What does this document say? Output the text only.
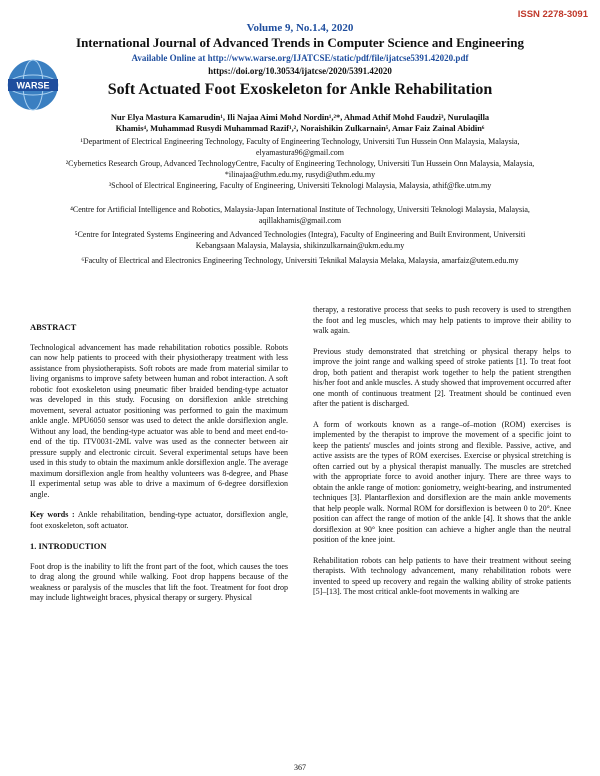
ISSN 2278-3091
WARSE
Volume 9, No.1.4, 2020
International Journal of Advanced Trends in Computer Science and Engineering
Available Online at http://www.warse.org/IJATCSE/static/pdf/file/ijatcse5391.42020.pdf
https://doi.org/10.30534/ijatcse/2020/5391.42020
Soft Actuated Foot Exoskeleton for Ankle Rehabilitation
Nur Elya Mastura Kamarudin¹, Ili Najaa Aimi Mohd Nordin¹,²*, Ahmad Athif Mohd Faudzi³, Nurulaqilla
Khamis⁴, Muhammad Rusydi Muhammad Razif¹,², Noraishikin Zulkarnain⁵, Amar Faiz Zainal Abidin⁶
¹Department of Electrical Engineering Technology, Faculty of Engineering Technology, Universiti Tun Hussein Onn Malaysia, Malaysia, elyamastura96@gmail.com
²Cybernetics Research Group, Advanced TechnologyCentre, Faculty of Engineering Technology, Universiti Tun Hussein Onn Malaysia, Malaysia, *ilinajaa@uthm.edu.my, rusydi@uthm.edu.my
³School of Electrical Engineering, Faculty of Engineering, Universiti Teknologi Malaysia, Malaysia, athif@fke.utm.my
⁴Centre for Artificial Intelligence and Robotics, Malaysia-Japan International Institute of Technology, Universiti Teknologi Malaysia, Malaysia, aqillakhamis@gmail.com
⁵Centre for Integrated Systems Engineering and Advanced Technologies (Integra), Faculty of Engineering and Built Environment, Universiti Kebangsaan Malaysia, Malaysia, shikinzulkarnain@ukm.edu.my
⁶Faculty of Electrical and Electronics Engineering Technology, Universiti Teknikal Malaysia Melaka, Malaysia, amarfaiz@utem.edu.my
ABSTRACT

Technological advancement has made rehabilitation robotics possible. Robots can now help patients to proceed with their physiotherapy treatment with less assistance from physiotherapists. Soft robots are made from material similar to living organisms to improve safety between human and robot interaction. A soft robotic foot exoskeleton using pneumatic fiber braided bending-type actuator was developed in this study. Focusing on dorsiflexion ankle stretching movement, several actuator positioning was performed to gain the maximum ankle angle. MPU6050 sensor was used to detect the ankle dorsiflexion angle. Without any load, the bending-type actuator was able to bend and meet end-to-end of the tip. ITV0031-2ML valve was used as the connecter between air pressure supply and electronic circuit. Several experimental setups have been used in this study to obtain the maximum ankle dorsiflexion angle. The average maximum dorsiflexion angle from healthy volunteers was 8-degree, and Phase II experimental setup was able to drive a maximum of 6-degree dorsiflexion angle.

Key words : Ankle rehabilitation, bending-type actuator, dorsiflexion angle, foot exoskeleton, soft actuator.

1. INTRODUCTION

Foot drop is the inability to lift the front part of the foot, which causes the toes to drag along the ground while walking. Foot drop happens because of the weakness or paralysis of the muscles that lift the foot. Treatment for foot drop may include lightweight braces, physical therapy or surgery. Physical

therapy, a restorative process that seeks to push recovery is used to strengthen the foot and leg muscles, which may help patients to improve their ability to walk again.

Previous study demonstrated that stretching or physical therapy helps to improve the joint range and walking speed of stroke patients [1]. To treat foot drop, both patient and therapist work together to help the patient strengthen his/her foot and ankle muscles. A study showed that improvement occurred after one month of continuous treatment [2]. Treatment should be continued even after the patient is discharged.

A form of workouts known as a range–of–motion (ROM) exercises is implemented by the therapist to improve the movement of a specific joint to keep the patients' muscles and joints strong and flexible. Passive, active, and active assists are the types of ROM exercises. Exercise or physical stretching is often carried out by a physical therapist manually. The muscles are stretched with the appropriate force to avoid another injury. There are three ways to obtain the ankle range of motion: goniometry, weight-bearing, and instrumented techniques [3]. Plantarflexion and dorsiflexion are the main ankle movements that help people walk. Normal ROM for dorsiflexion is between 0 to 20°. Knee position can affect the range of motion of the ankle [4]. It shows that the ankle dorsiflexion at 90° knee position can achieve a higher angle than the neutral position of the knee joint.

Rehabilitation robots can help patients to have their treatment without seeing therapists. With technology advancement, many rehabilitation robots were invented to speed up recovery and regain the walking ability of stroke patients [5]–[13]. The most critical ankle-foot movements in walking are

367
